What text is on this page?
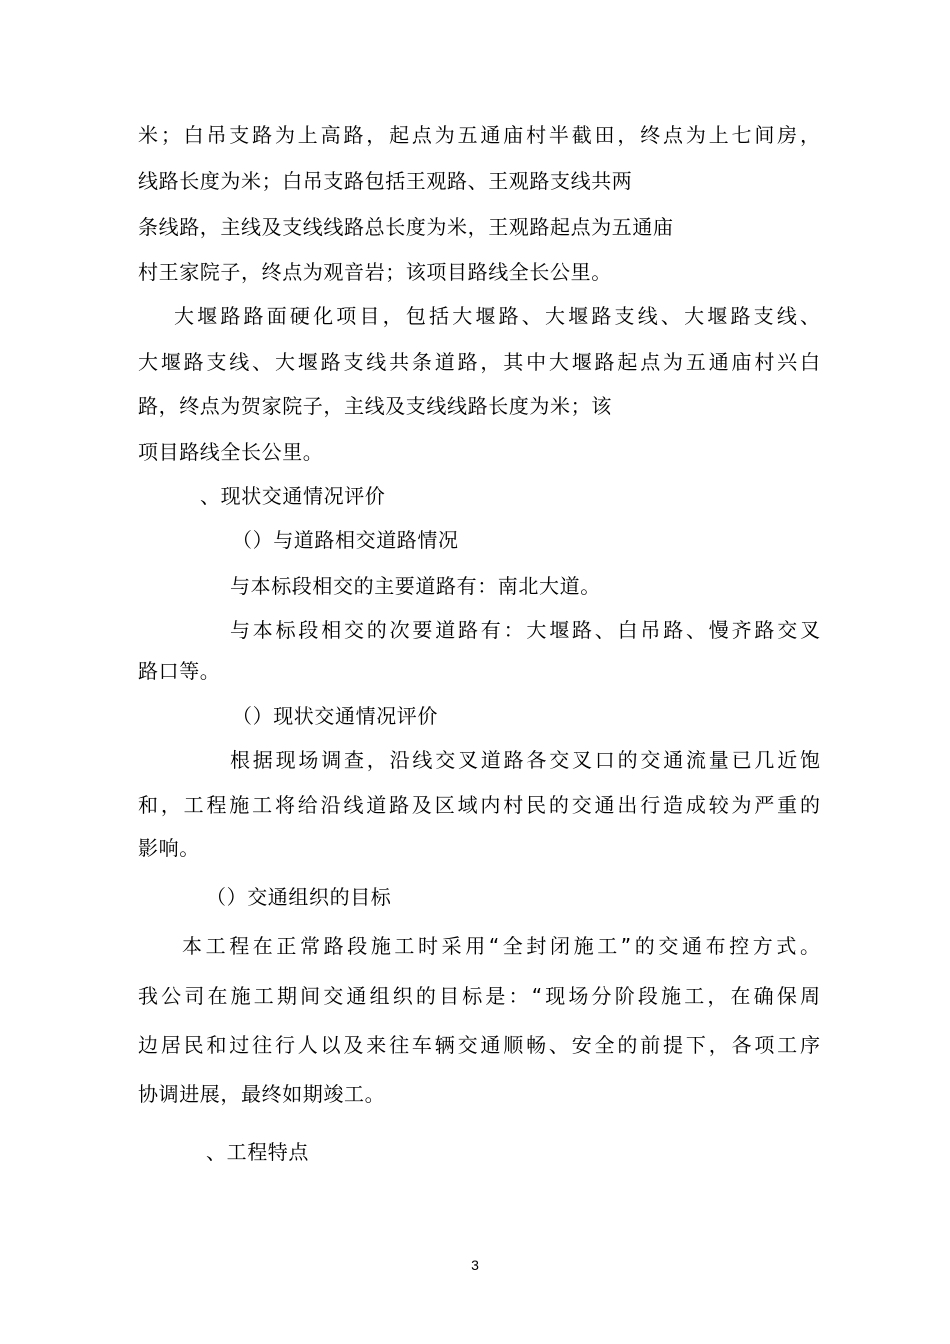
米；白吊支路为上高路，起点为五通庙村半截田，终点为上七间房，
线路长度为米；白吊支路包括王观路、王观路支线共两
条线路，主线及支线线路总长度为米，王观路起点为五通庙
村王家院子，终点为观音岩；该项目路线全长公里。
大堰路路面硬化项目，包括大堰路、大堰路支线、大堰路支线、
大堰路支线、大堰路支线共条道路，其中大堰路起点为五通庙村兴白
路，终点为贺家院子，主线及支线线路长度为米；该
项目路线全长公里。
、现状交通情况评价
（）与道路相交道路情况
与本标段相交的主要道路有：南北大道。
与本标段相交的次要道路有：大堰路、白吊路、慢齐路交叉
路口等。
（）现状交通情况评价
根据现场调查，沿线交叉道路各交叉口的交通流量已几近饱
和，工程施工将给沿线道路及区域内村民的交通出行造成较为严重的
影响。
（）交通组织的目标
本工程在正常路段施工时采用“全封闭施工”的交通布控方式。
我公司在施工期间交通组织的目标是：“现场分阶段施工，在确保周
边居民和过往行人以及来往车辆交通顺畅、安全的前提下，各项工序
协调进展，最终如期竣工。
、工程特点
3
